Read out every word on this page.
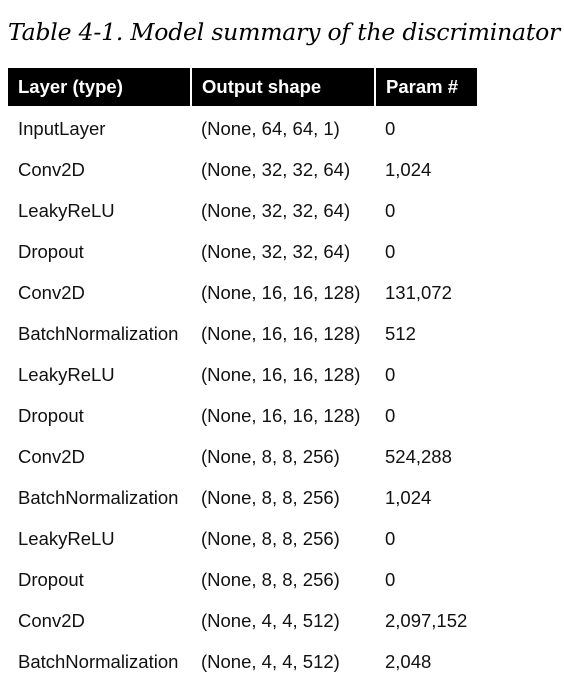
Table 4-1. Model summary of the discriminator

Layer (type)	Output shape	Param #
InputLayer	(None, 64, 64, 1)	0
Conv2D	(None, 32, 32, 64)	1,024
LeakyReLU	(None, 32, 32, 64)	0
Dropout	(None, 32, 32, 64)	0
Conv2D	(None, 16, 16, 128)	131,072
BatchNormalization	(None, 16, 16, 128)	512
LeakyReLU	(None, 16, 16, 128)	0
Dropout	(None, 16, 16, 128)	0
Conv2D	(None, 8, 8, 256)	524,288
BatchNormalization	(None, 8, 8, 256)	1,024
LeakyReLU	(None, 8, 8, 256)	0
Dropout	(None, 8, 8, 256)	0
Conv2D	(None, 4, 4, 512)	2,097,152
BatchNormalization	(None, 4, 4, 512)	2,048
